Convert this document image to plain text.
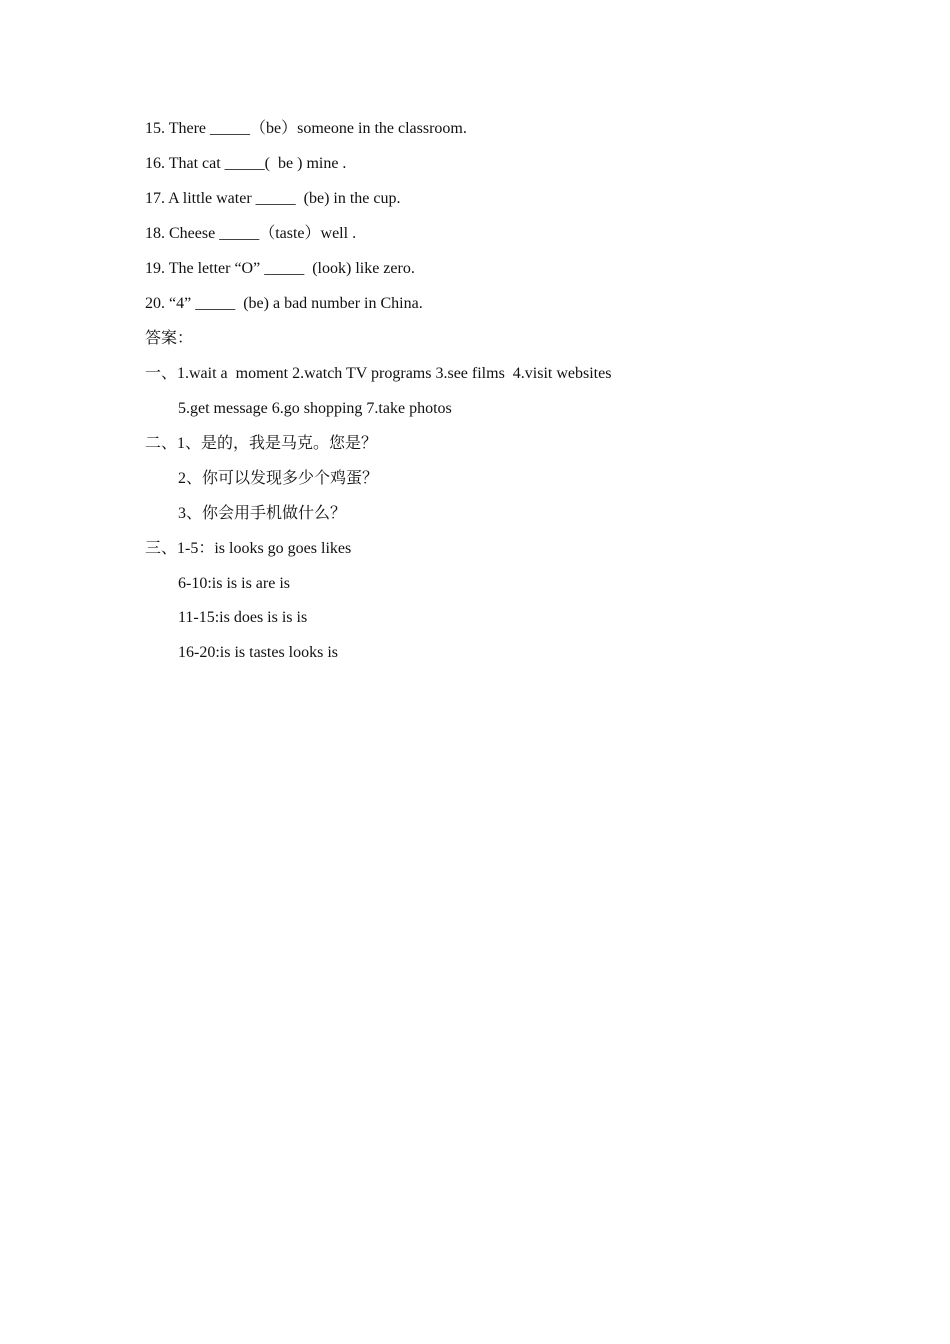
15. There _____（be）someone in the classroom.
16. That cat _____(  be ) mine .
17. A little water _____  (be) in the cup.
18. Cheese _____（taste）well .
19. The letter “O” _____  (look) like zero.
20. “4” _____  (be) a bad number in China.
答案：
一、1.wait a  moment 2.watch TV programs 3.see films  4.visit websites
5.get message 6.go shopping 7.take photos
二、1、是的，我是马克。您是？
2、你可以发现多少个鸡蛋？
3、你会用手机做什么？
三、1-5：is looks go goes likes
6-10:is is is are is
11-15:is does is is is
16-20:is is tastes looks is
